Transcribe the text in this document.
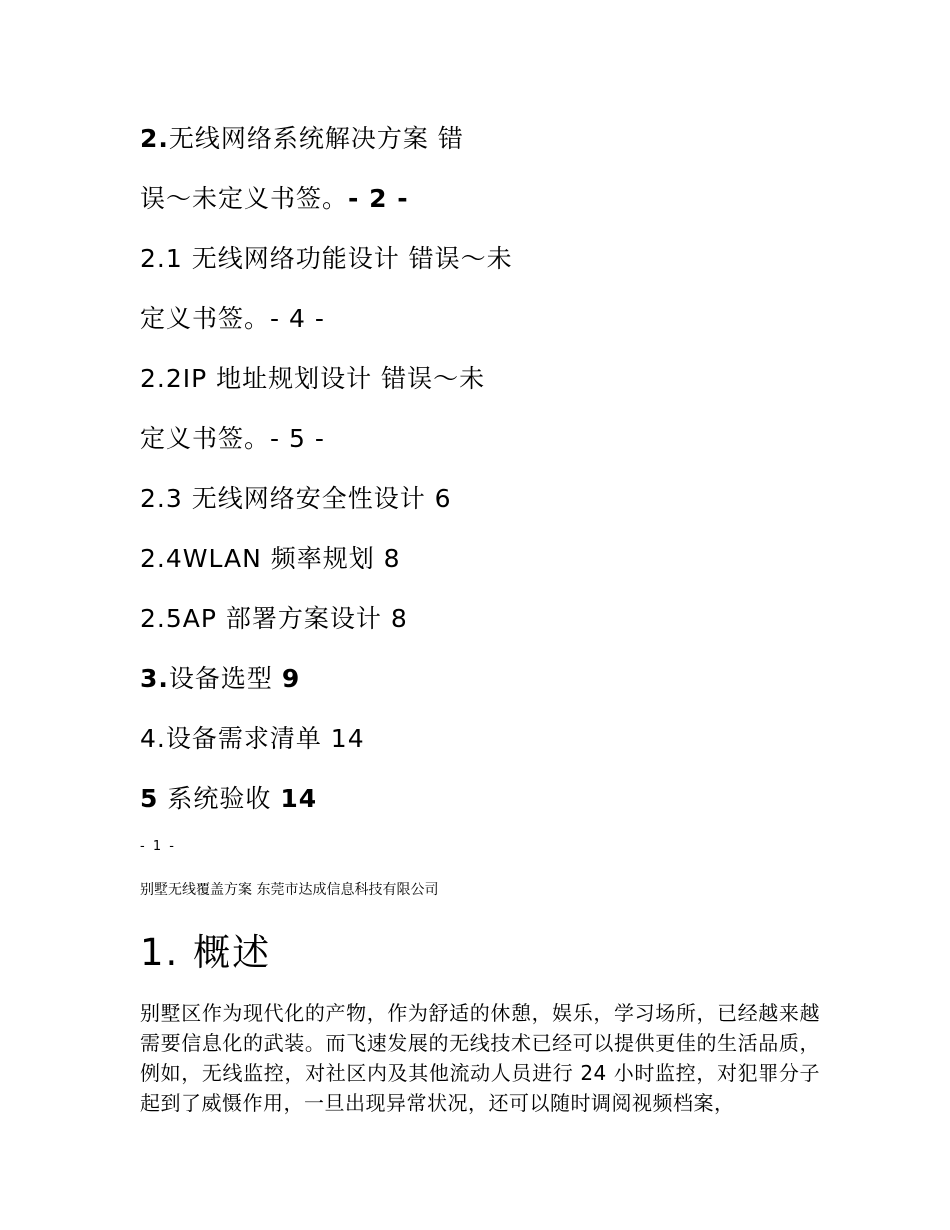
2.无线网络系统解决方案 错
误～未定义书签。- 2 -
2.1 无线网络功能设计 错误～未
定义书签。- 4 -
2.2IP 地址规划设计 错误～未
定义书签。- 5 -
2.3 无线网络安全性设计 6
2.4WLAN 频率规划 8
2.5AP 部署方案设计 8
3.设备选型 9
4.设备需求清单 14
5 系统验收 14
- 1 -
别墅无线覆盖方案 东莞市达成信息科技有限公司
1. 概述
别墅区作为现代化的产物，作为舒适的休憩，娱乐，学习场所，已经越来越需要信息化的武装。而飞速发展的无线技术已经可以提供更佳的生活品质，例如，无线监控，对社区内及其他流动人员进行 24 小时监控，对犯罪分子起到了威慑作用，一旦出现异常状况，还可以随时调阅视频档案，
